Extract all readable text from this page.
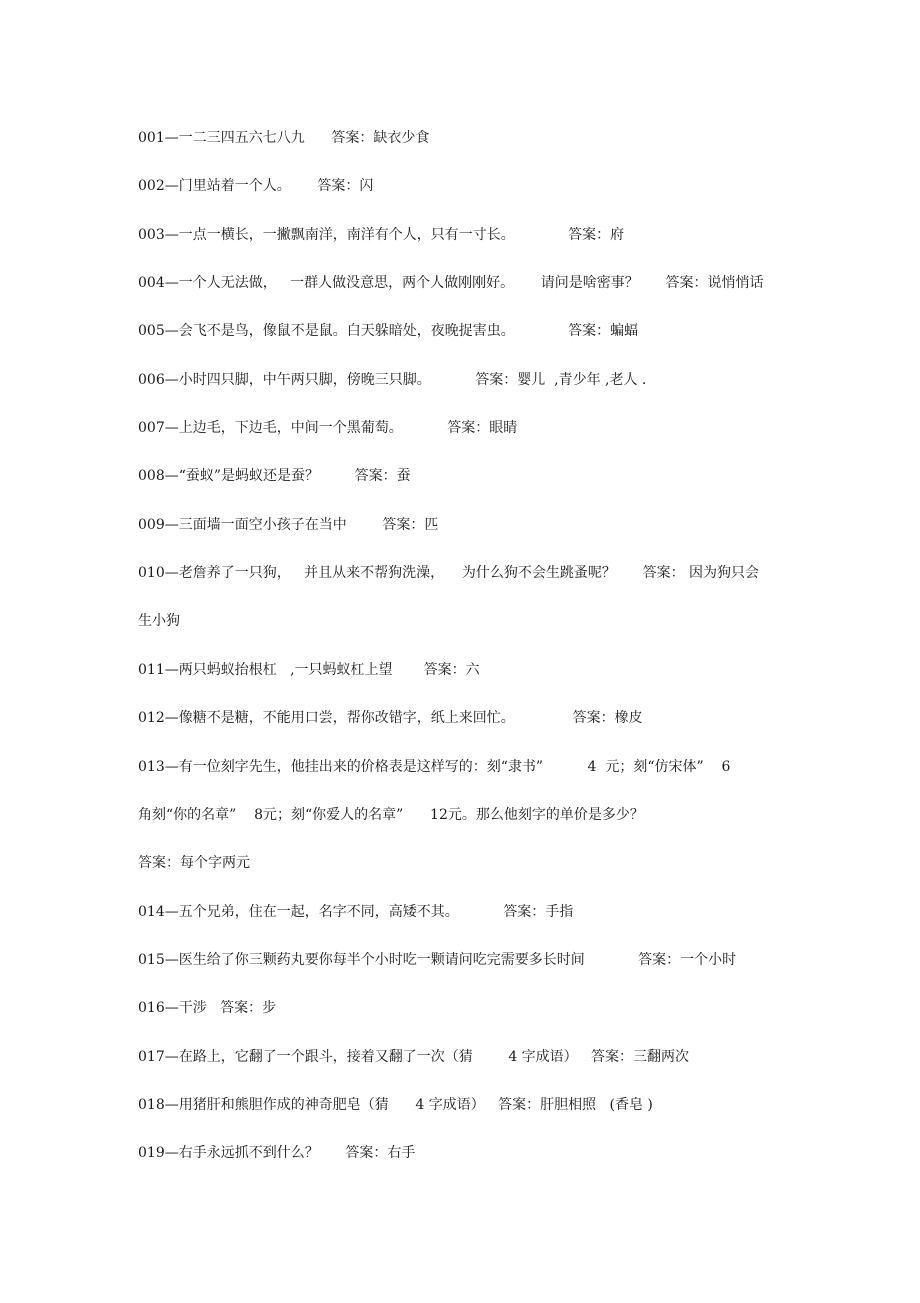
001—一二三四五六七八九      答案：缺衣少食
002—门里站着一个人。      答案：闪
003—一点一横长，一撇飘南洋，南洋有个人，只有一寸长。            答案：府
004—一个人无法做，   一群人做没意思，两个人做刚刚好。      请问是啥密事？      答案：说悄悄话
005—会飞不是鸟，像鼠不是鼠。白天躲暗处，夜晚捉害虫。            答案：蝙蝠
006—小时四只脚，中午两只脚，傍晚三只脚。          答案：婴儿  ,青少年 ,老人 .
007—上边毛，下边毛，中间一个黑葡萄。          答案：眼睛
008—“蚕蚁”是蚂蚁还是蚕？        答案：蚕
009—三面墙一面空小孩子在当中        答案：匹
010—老詹养了一只狗，   并且从来不帮狗洗澡，    为什么狗不会生跳蚤呢？      答案： 因为狗只会
生小狗
011—两只蚂蚁抬根杠   ,一只蚂蚁杠上望       答案：六
012—像糖不是糖，不能用口尝，帮你改错字，纸上来回忙。             答案：橡皮
013—有一位刻字先生，他挂出来的价格表是这样写的：刻“隶书”          4  元；刻“仿宋体”    6
角刻“你的名章”    8元；刻“你爱人的名章”      12元。那么他刻字的单价是多少？
答案：每个字两元
014—五个兄弟，住在一起，名字不同，高矮不其。          答案：手指
015—医生给了你三颗药丸要你每半个小时吃一颗请问吃完需要多长时间            答案：一个小时
016—干涉   答案：步
017—在路上，它翻了一个跟斗，接着又翻了一次（猜        4 字成语）   答案：三翻两次
018—用猪肝和熊胆作成的神奇肥皂（猜      4 字成语）   答案：肝胆相照   (香皂 )
019—右手永远抓不到什么？      答案：右手
